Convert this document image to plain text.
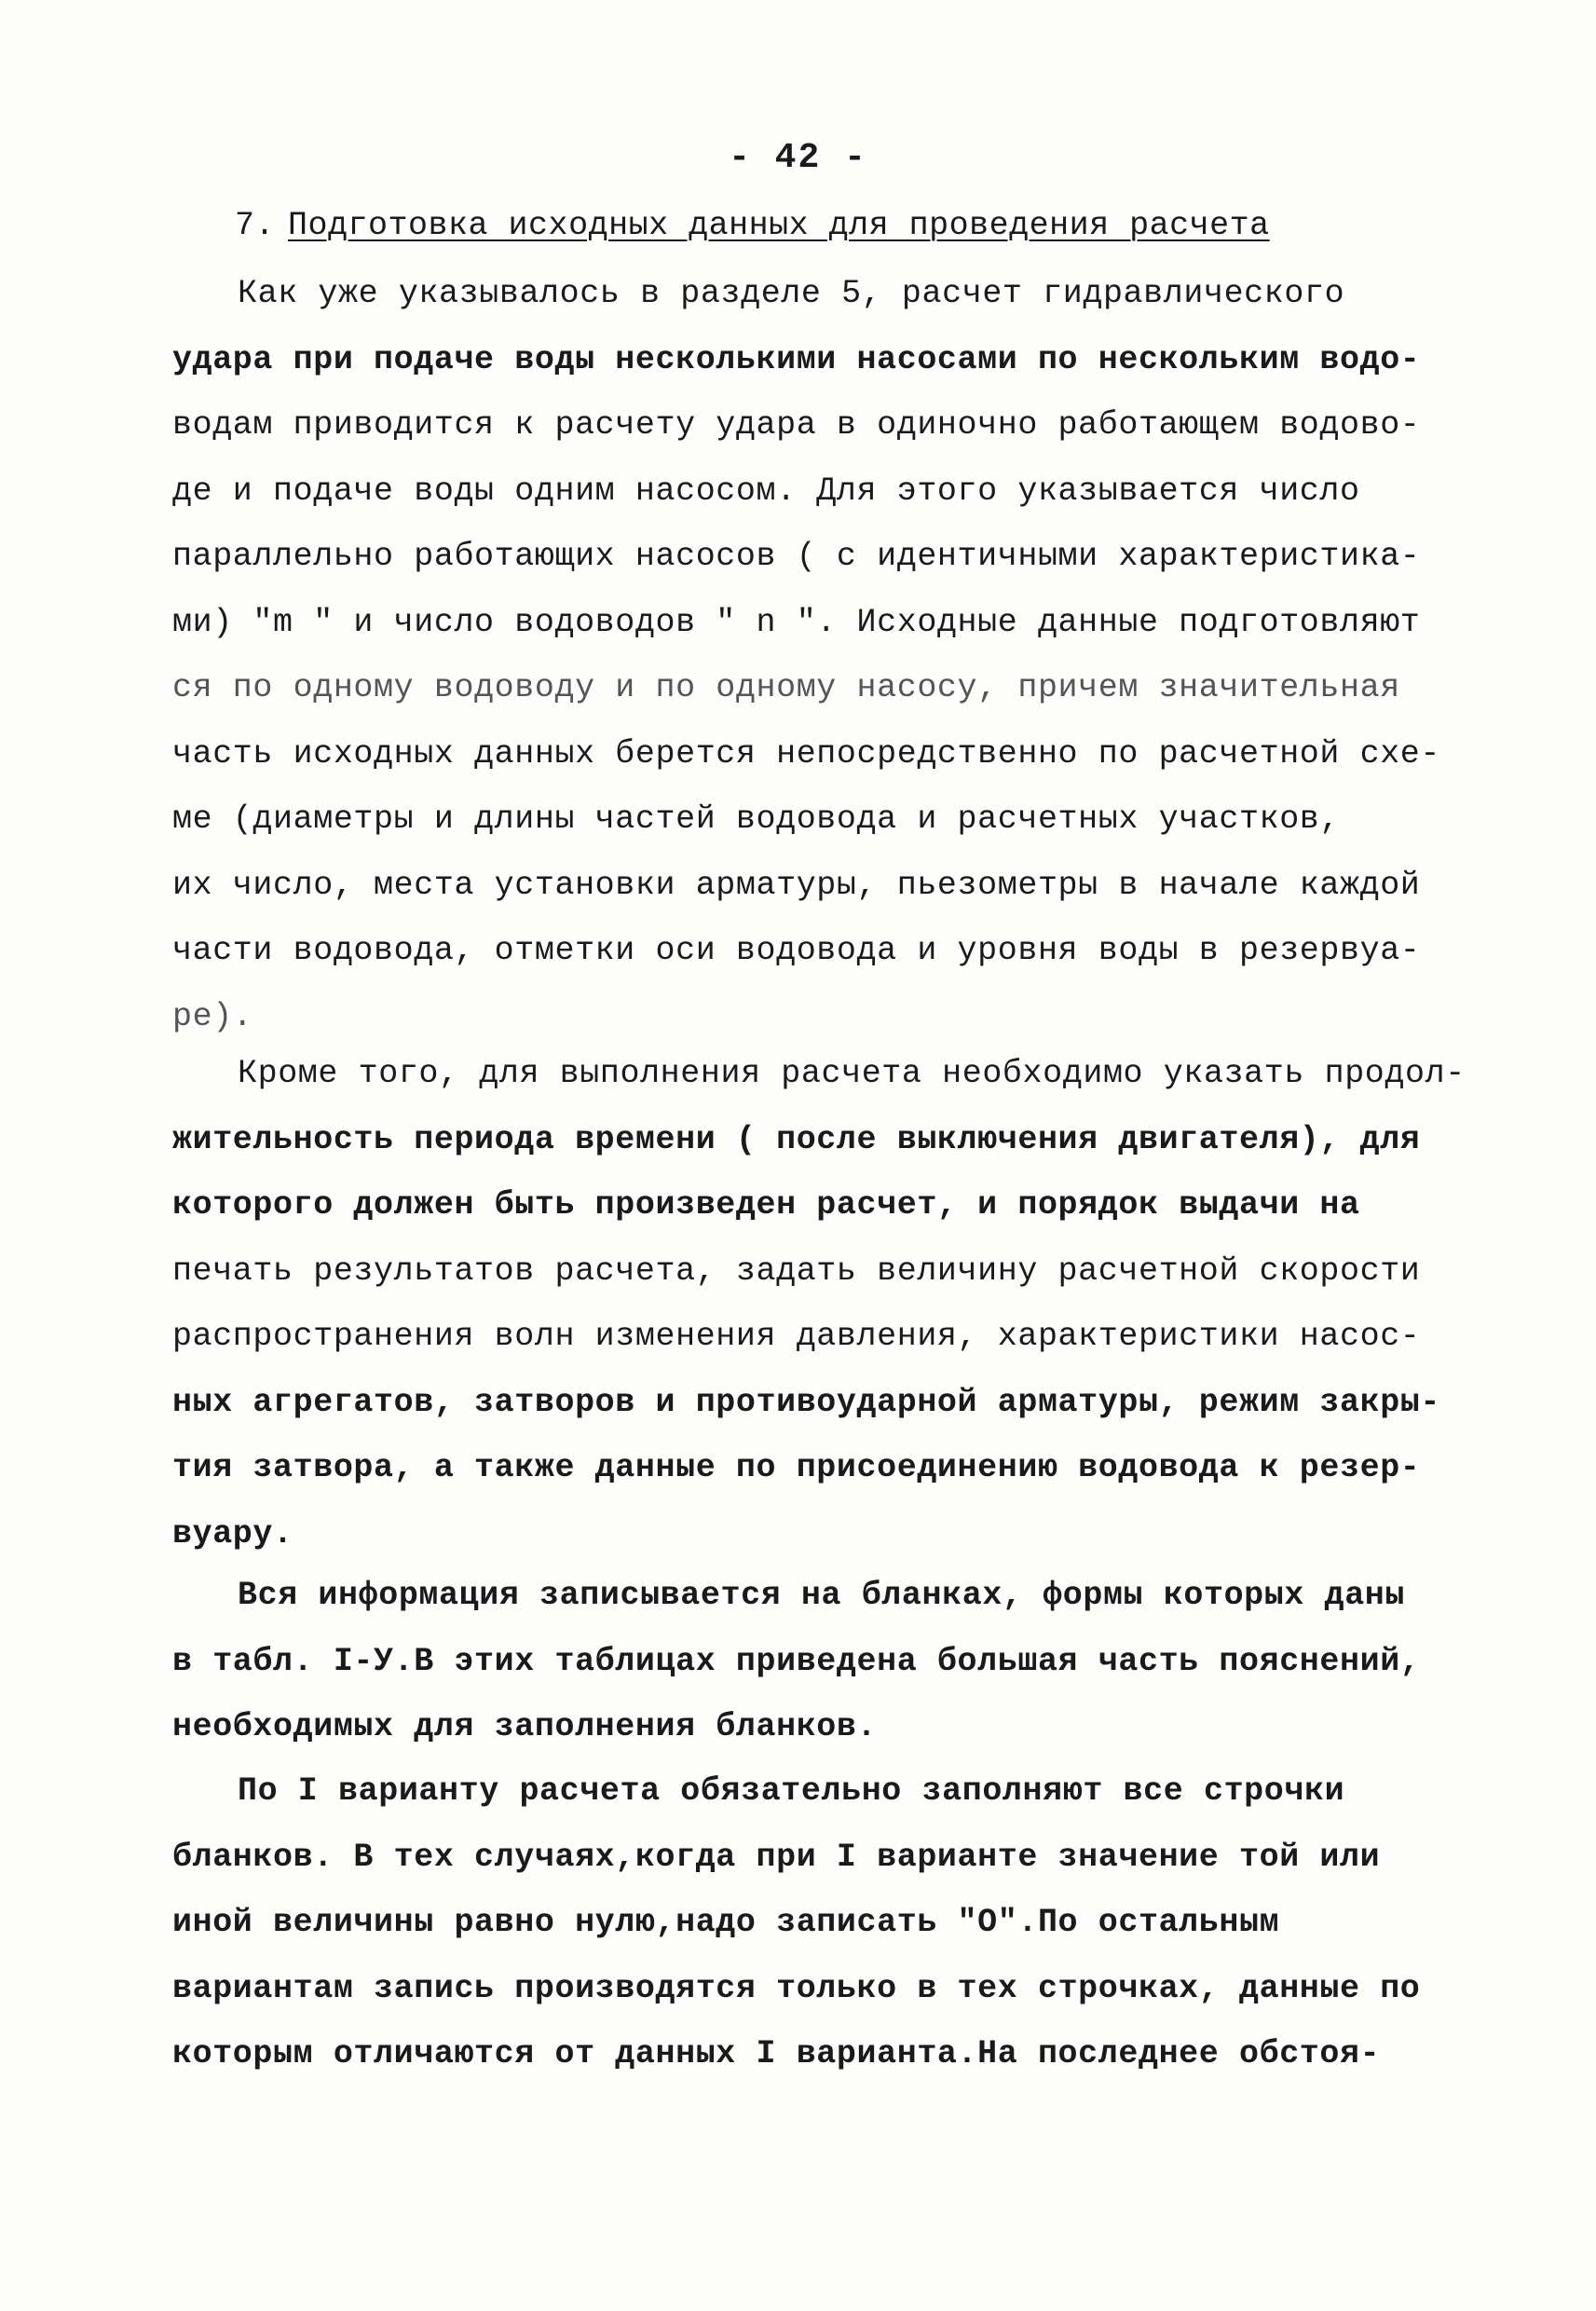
- 42 -
7. Подготовка исходных данных для проведения расчета
Как уже указывалось в разделе 5, расчет гидравлического
удара при подаче воды несколькими насосами по нескольким водо-
водам приводится к расчету удара в одиночно работающем водово-
де и подаче воды одним насосом. Для этого указывается число
параллельно работающих насосов ( с идентичными характеристика-
ми) "m " и число водоводов " n ". Исходные данные подготовляют
ся по одному водоводу и по одному насосу, причем значительная
часть исходных данных берется непосредственно по расчетной схе-
ме (диаметры и длины частей водовода и расчетных участков,
их число, места установки арматуры, пьезометры в начале каждой
части водовода, отметки оси водовода и уровня воды в резервуа-
ре).
Кроме того, для выполнения расчета необходимо указать продол-
жительность периода времени ( после выключения двигателя), для
которого должен быть произведен расчет, и порядок выдачи на
печать результатов расчета, задать величину расчетной скорости
распространения волн изменения давления, характеристики насос-
ных агрегатов, затворов и противоударной арматуры, режим закры-
тия затвора, а также данные по присоединению водовода к резер-
вуару.
Вся информация записывается на бланках, формы которых даны
в табл. I-У.В этих таблицах приведена большая часть пояснений,
необходимых для заполнения бланков.
По I варианту расчета обязательно заполняют все строчки
бланков. В тех случаях,когда при I варианте значение той или
иной величины равно нулю,надо записать "О".По остальным
вариантам запись производятся только в тех строчках, данные по
которым отличаются от данных I варианта.На последнее обстоя-
